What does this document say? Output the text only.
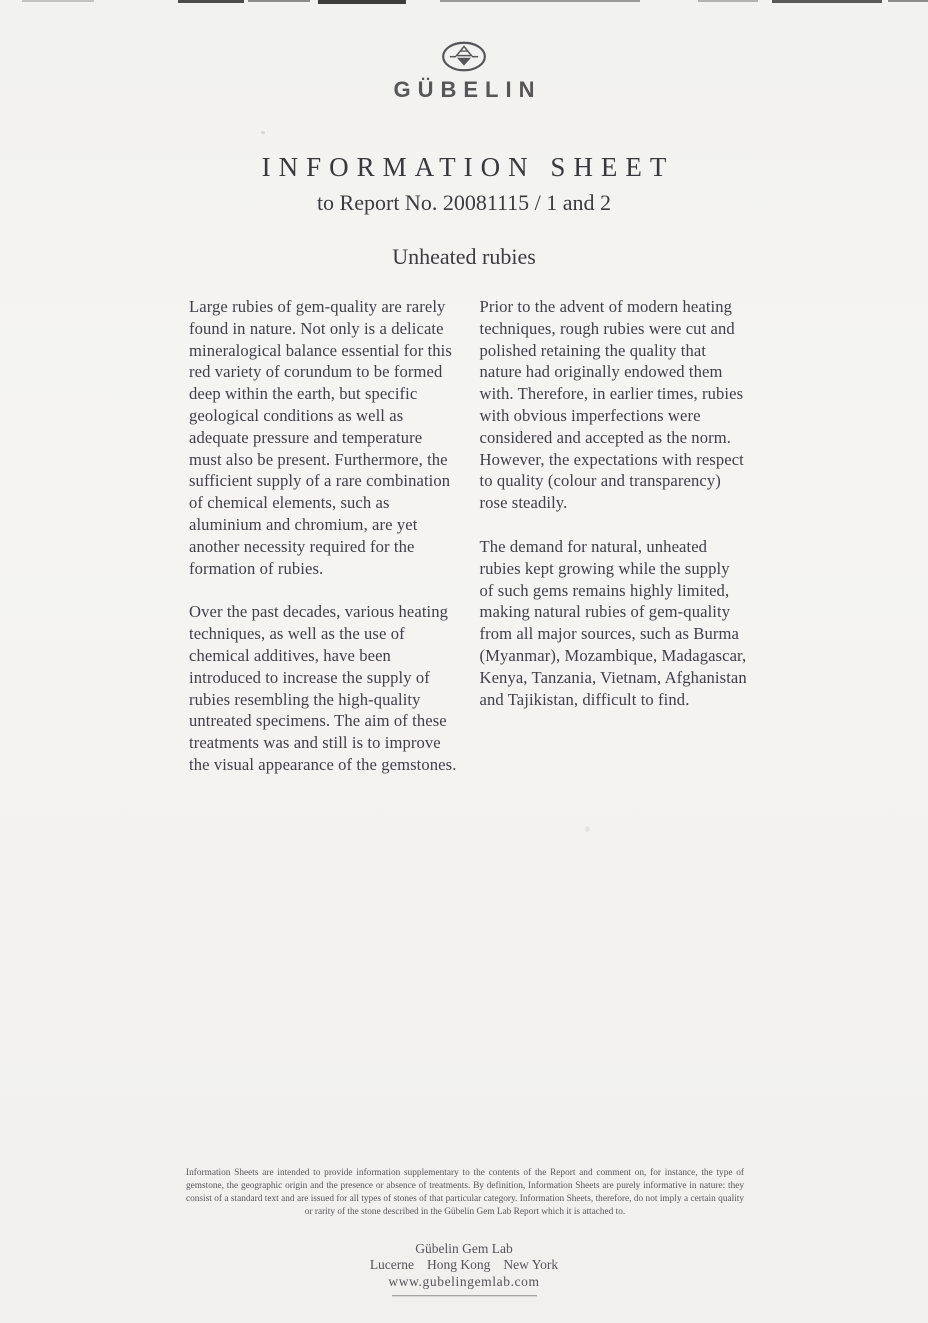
GÜBELIN
INFORMATION SHEET
to Report No. 20081115 / 1 and 2
Unheated rubies

Large rubies of gem-quality are rarely found in nature. Not only is a delicate mineralogical balance essential for this red variety of corundum to be formed deep within the earth, but specific geological conditions as well as adequate pressure and temperature must also be present. Furthermore, the sufficient supply of a rare combination of chemical elements, such as aluminium and chromium, are yet another necessity required for the formation of rubies.

Over the past decades, various heating techniques, as well as the use of chemical additives, have been introduced to increase the supply of rubies resembling the high-quality untreated specimens. The aim of these treatments was and still is to improve the visual appearance of the gemstones.

Prior to the advent of modern heating techniques, rough rubies were cut and polished retaining the quality that nature had originally endowed them with. Therefore, in earlier times, rubies with obvious imperfections were considered and accepted as the norm. However, the expectations with respect to quality (colour and transparency) rose steadily.

The demand for natural, unheated rubies kept growing while the supply of such gems remains highly limited, making natural rubies of gem-quality from all major sources, such as Burma (Myanmar), Mozambique, Madagascar, Kenya, Tanzania, Vietnam, Afghanistan and Tajikistan, difficult to find.

Information Sheets are intended to provide information supplementary to the contents of the Report and comment on, for instance, the type of gemstone, the geographic origin and the presence or absence of treatments. By definition, Information Sheets are purely informative in nature: they consist of a standard text and are issued for all types of stones of that particular category. Information Sheets, therefore, do not imply a certain quality or rarity of the stone described in the Gübelin Gem Lab Report which it is attached to.

Gübelin Gem Lab
Lucerne Hong Kong New York
www.gubelingemlab.com
